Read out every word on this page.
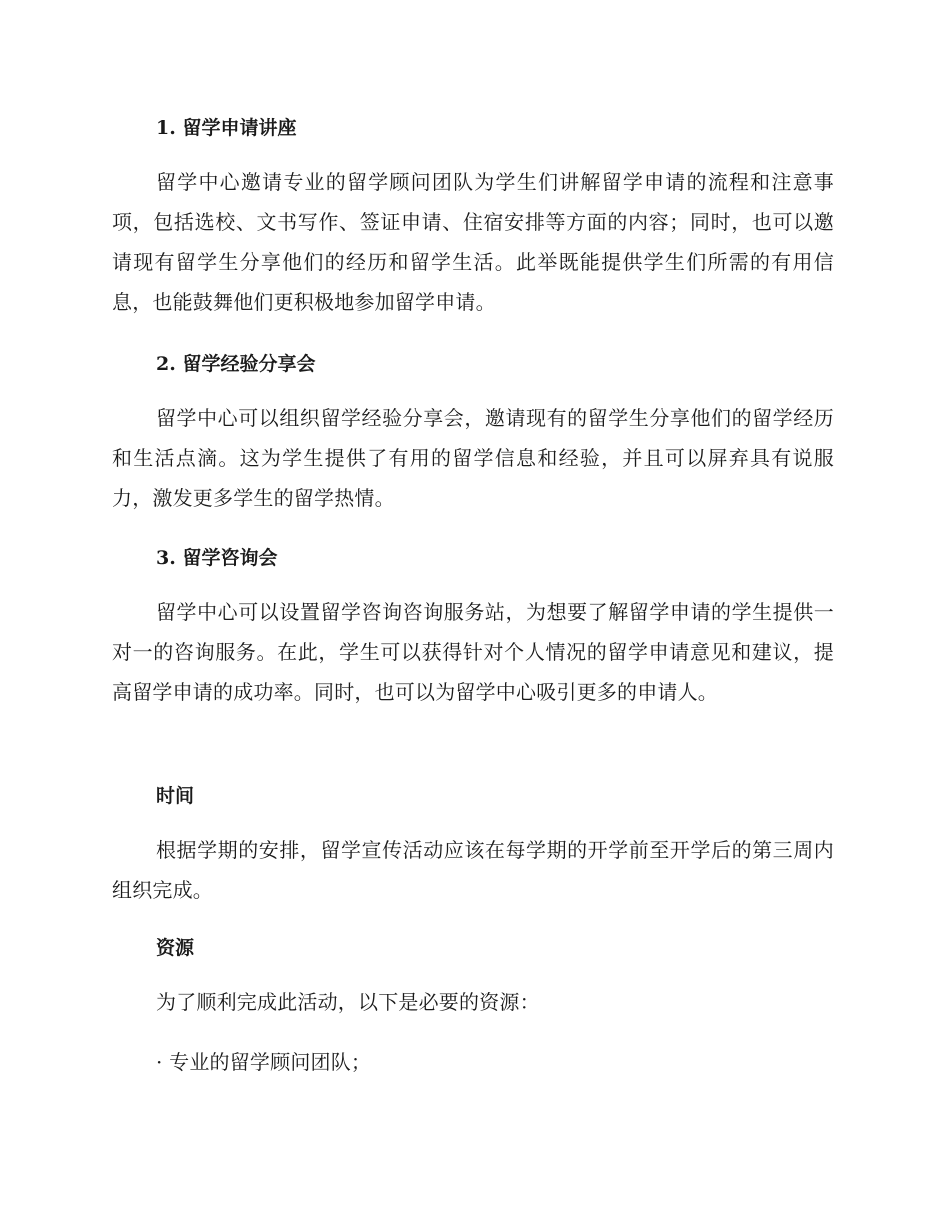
1. 留学申请讲座
留学中心邀请专业的留学顾问团队为学生们讲解留学申请的流程和注意事项，包括选校、文书写作、签证申请、住宿安排等方面的内容；同时，也可以邀请现有留学生分享他们的经历和留学生活。此举既能提供学生们所需的有用信息，也能鼓舞他们更积极地参加留学申请。
2. 留学经验分享会
留学中心可以组织留学经验分享会，邀请现有的留学生分享他们的留学经历和生活点滴。这为学生提供了有用的留学信息和经验，并且可以屏弃具有说服力，激发更多学生的留学热情。
3. 留学咨询会
留学中心可以设置留学咨询咨询服务站，为想要了解留学申请的学生提供一对一的咨询服务。在此，学生可以获得针对个人情况的留学申请意见和建议，提高留学申请的成功率。同时，也可以为留学中心吸引更多的申请人。
时间
根据学期的安排，留学宣传活动应该在每学期的开学前至开学后的第三周内组织完成。
资源
为了顺利完成此活动，以下是必要的资源：
· 专业的留学顾问团队；
